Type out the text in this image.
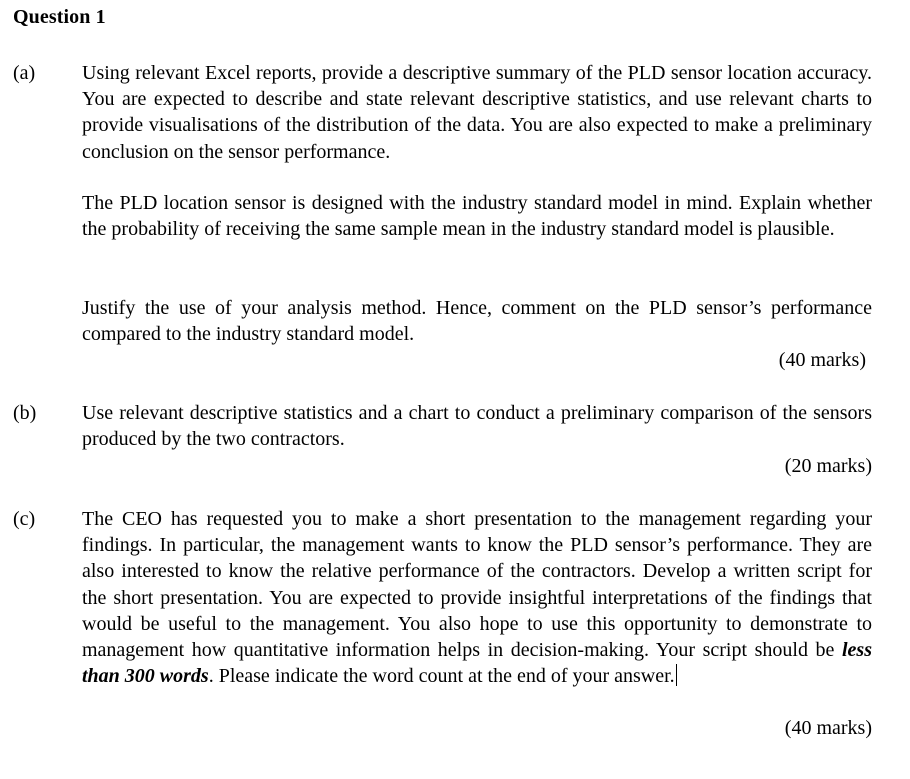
Question 1
(a) Using relevant Excel reports, provide a descriptive summary of the PLD sensor location accuracy. You are expected to describe and state relevant descriptive statistics, and use relevant charts to provide visualisations of the distribution of the data. You are also expected to make a preliminary conclusion on the sensor performance.
The PLD location sensor is designed with the industry standard model in mind. Explain whether the probability of receiving the same sample mean in the industry standard model is plausible.
Justify the use of your analysis method. Hence, comment on the PLD sensor’s performance compared to the industry standard model.
(40 marks)
(b) Use relevant descriptive statistics and a chart to conduct a preliminary comparison of the sensors produced by the two contractors.
(20 marks)
(c) The CEO has requested you to make a short presentation to the management regarding your findings. In particular, the management wants to know the PLD sensor’s performance. They are also interested to know the relative performance of the contractors. Develop a written script for the short presentation. You are expected to provide insightful interpretations of the findings that would be useful to the management. You also hope to use this opportunity to demonstrate to management how quantitative information helps in decision-making. Your script should be less than 300 words. Please indicate the word count at the end of your answer.
(40 marks)
